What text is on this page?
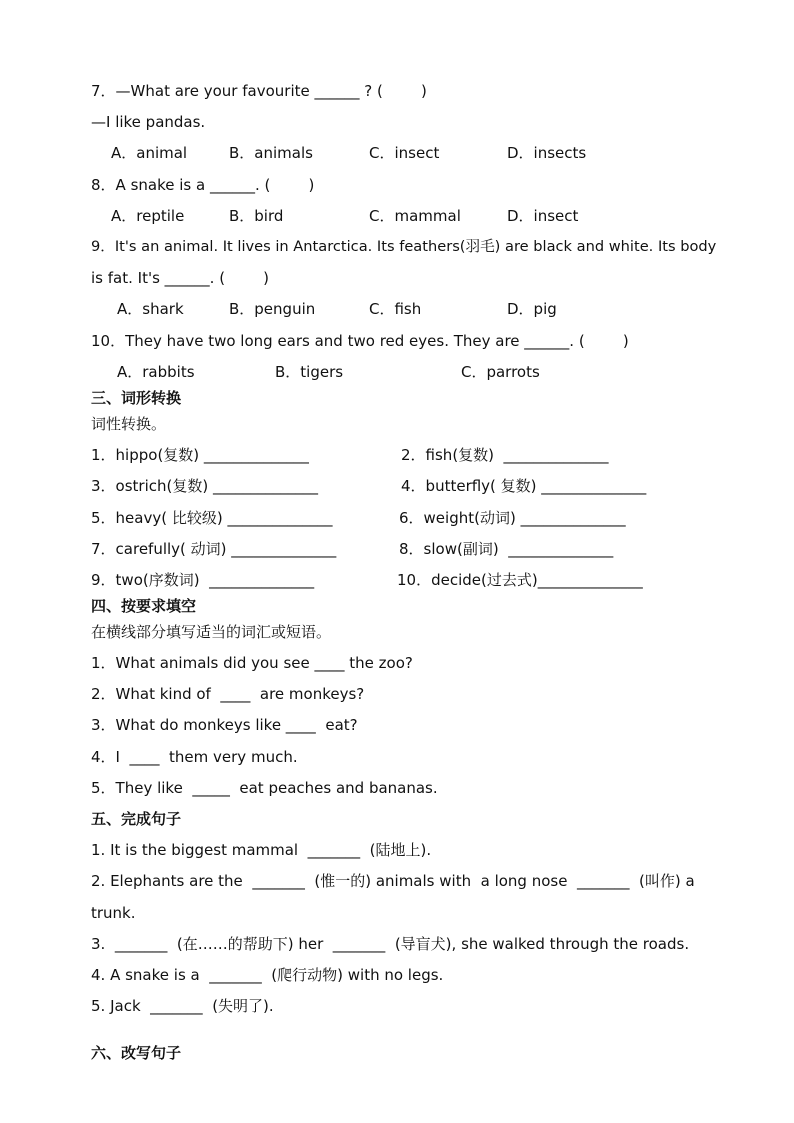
7．—What are your favourite ______ ? (        )
—I like pandas.
A．animal	B．animals	C．insect	D．insects
8．A snake is a ______. (        )
A．reptile	B．bird	C．mammal	D．insect
9．It's an animal. It lives in Antarctica. Its feathers(羽毛) are black and white. Its body
is fat. It's ______. (        )
A．shark	B．penguin	C．fish	D．pig
10．They have two long ears and two red eyes. They are ______. (        )
A．rabbits	B．tigers	C．parrots
三、词形转换
词性转换。
1．hippo(复数) ______________	2．fish(复数)  ______________
3．ostrich(复数) ______________	4．butterfly( 复数) ______________
5．heavy( 比较级) ______________	6．weight(动词) ______________
7．carefully( 动词) ______________	8．slow(副词)  ______________
9．two(序数词)  ______________	10．decide(过去式)______________
四、按要求填空
在横线部分填写适当的词汇或短语。
1．What animals did you see ____ the zoo?
2．What kind of  ____  are monkeys?
3．What do monkeys like ____  eat?
4．I  ____  them very much.
5．They like  _____  eat peaches and bananas.
五、完成句子
1. It is the biggest mammal  _______  (陆地上).
2. Elephants are the  _______  (惟一的) animals with  a long nose  _______  (叫作) a
trunk.
3.  _______  (在……的帮助下) her  _______  (导盲犬), she walked through the roads.
4. A snake is a  _______  (爬行动物) with no legs.
5. Jack  _______  (失明了).
六、改写句子
